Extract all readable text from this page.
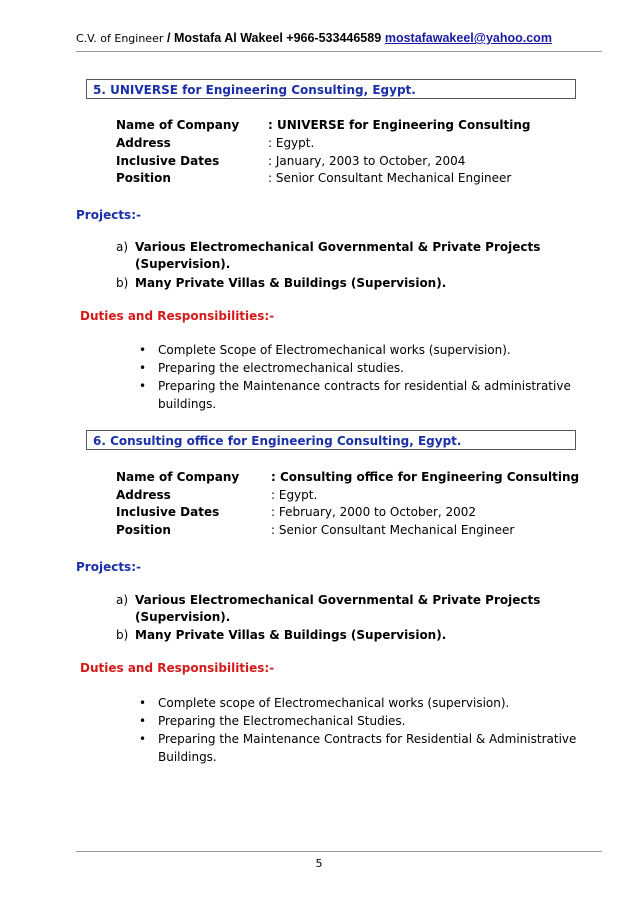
C.V. of Engineer / Mostafa Al Wakeel +966-533446589 mostafawakeel@yahoo.com
5. UNIVERSE for Engineering Consulting, Egypt.
Name of Company : UNIVERSE for Engineering Consulting
Address	: Egypt.
Inclusive Dates	: January, 2003 to October, 2004
Position	: Senior Consultant Mechanical Engineer
Projects:-
a) Various Electromechanical Governmental & Private Projects
(Supervision).
b) Many Private Villas & Buildings (Supervision).
Duties and Responsibilities:-
• Complete Scope of Electromechanical works (supervision).
• Preparing the electromechanical studies.
• Preparing the Maintenance contracts for residential & administrative
buildings.
6. Consulting office for Engineering Consulting, Egypt.
Name of Company	: Consulting office for Engineering Consulting
Address	: Egypt.
Inclusive Dates	: February, 2000 to October, 2002
Position	: Senior Consultant Mechanical Engineer
Projects:-
a) Various Electromechanical Governmental & Private Projects
(Supervision).
b) Many Private Villas & Buildings (Supervision).
Duties and Responsibilities:-
• Complete scope of Electromechanical works (supervision).
• Preparing the Electromechanical Studies.
• Preparing the Maintenance Contracts for Residential & Administrative
Buildings.
5
